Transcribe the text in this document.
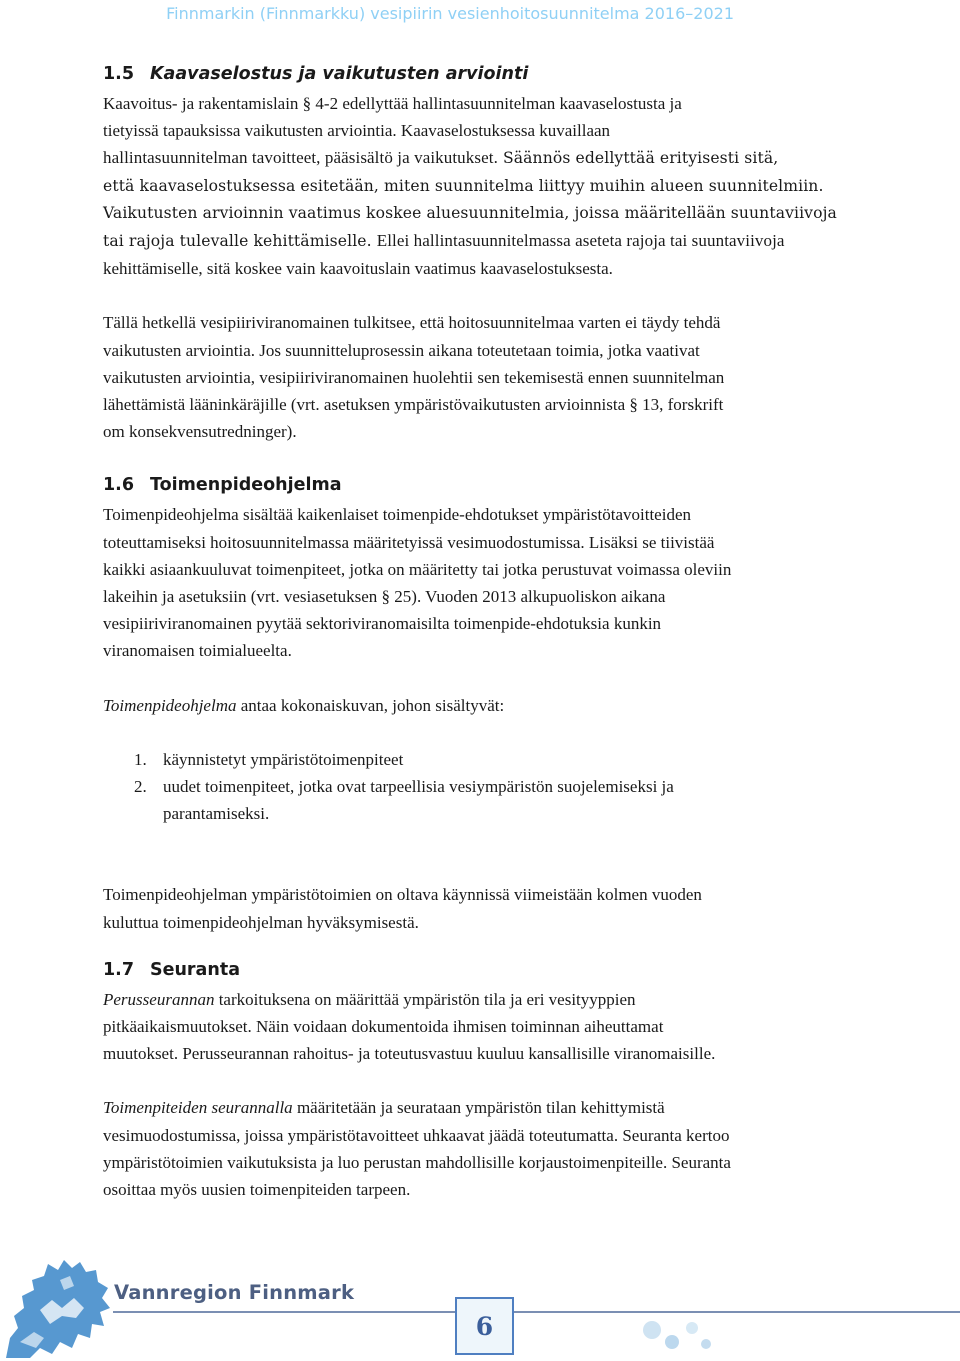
Finnmarkin (Finnmarkku) vesipiirin vesienhoitosuunnitelma 2016–2021
1.5 Kaavaselostus ja vaikutusten arviointi

Kaavoitus- ja rakentamislain § 4-2 edellyttää hallintasuunnitelman kaavaselostusta ja

tietyissä tapauksissa vaikutusten arviointia. Kaavaselostuksessa kuvaillaan

hallintasuunnitelman tavoitteet, pääsisältö ja vaikutukset. Säännös edellyttää erityisesti sitä,

että kaavaselostuksessa esitetään, miten suunnitelma liittyy muihin alueen suunnitelmiin.

Vaikutusten arvioinnin vaatimus koskee aluesuunnitelmia, joissa määritellään suuntaviivoja

tai rajoja tulevalle kehittämiselle. Ellei hallintasuunnitelmassa aseteta rajoja tai suuntaviivoja

kehittämiselle, sitä koskee vain kaavoituslain vaatimus kaavaselostuksesta.

Tällä hetkellä vesipiiriviranomainen tulkitsee, että hoitosuunnitelmaa varten ei täydy tehdä

vaikutusten arviointia. Jos suunnitteluprosessin aikana toteutetaan toimia, jotka vaativat

vaikutusten arviointia, vesipiiriviranomainen huolehtii sen tekemisestä ennen suunnitelman

lähettämistä lääninkäräjille (vrt. asetuksen ympäristövaikutusten arvioinnista § 13, forskrift

om konsekvensutredninger).

1.6 Toimenpideohjelma

Toimenpideohjelma sisältää kaikenlaiset toimenpide-ehdotukset ympäristötavoitteiden

toteuttamiseksi hoitosuunnitelmassa määritetyissä vesimuodostumissa. Lisäksi se tiivistää

kaikki asiaankuuluvat toimenpiteet, jotka on määritetty tai jotka perustuvat voimassa oleviin

lakeihin ja asetuksiin (vrt. vesiasetuksen § 25). Vuoden 2013 alkupuoliskon aikana

vesipiiriviranomainen pyytää sektoriviranomaisilta toimenpide-ehdotuksia kunkin

viranomaisen toimialueelta.

Toimenpideohjelma antaa kokonaiskuvan, johon sisältyvät:

1. käynnistetyt ympäristötoimenpiteet
2. uudet toimenpiteet, jotka ovat tarpeellisia vesiympäristön suojelemiseksi ja
parantamiseksi.

Toimenpideohjelman ympäristötoimien on oltava käynnissä viimeistään kolmen vuoden

kuluttua toimenpideohjelman hyväksymisestä.

1.7 Seuranta

Perusseurannan tarkoituksena on määrittää ympäristön tila ja eri vesityyppien

pitkäaikaismuutokset. Näin voidaan dokumentoida ihmisen toiminnan aiheuttamat

muutokset. Perusseurannan rahoitus- ja toteutusvastuu kuuluu kansallisille viranomaisille.

Toimenpiteiden seurannalla määritetään ja seurataan ympäristön tilan kehittymistä

vesimuodostumissa, joissa ympäristötavoitteet uhkaavat jäädä toteutumatta. Seuranta kertoo

ympäristötoimien vaikutuksista ja luo perustan mahdollisille korjaustoimenpiteille. Seuranta

osoittaa myös uusien toimenpiteiden tarpeen.

Vannregion Finnmark
6
